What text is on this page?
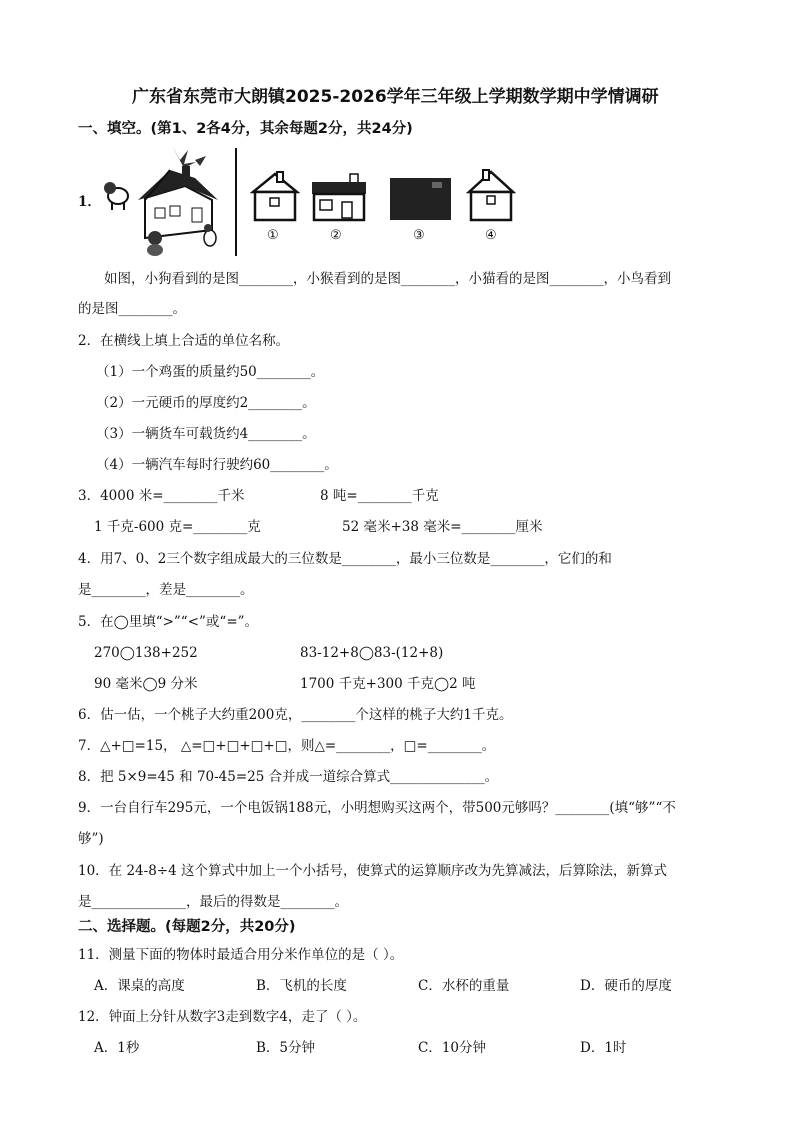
广东省东莞市大朗镇2025-2026学年三年级上学期数学期中学情调研
一、填空。(第1、2各4分，其余每题2分，共24分)
1．
①	②	③	④
如图，小狗看到的是图________，小猴看到的是图________，小猫看的是图________，小鸟看到
的是图________。
2．在横线上填上合适的单位名称。
（1）一个鸡蛋的质量约50________。
（2）一元硬币的厚度约2________。
（3）一辆货车可载货约4________。
（4）一辆汽车每时行驶约60________。
3．4000 米=________千米	8 吨=________千克
1 千克-600 克=________克	52 毫米+38 毫米=________厘米
4．用7、0、2三个数字组成最大的三位数是________，最小三位数是________，它们的和
是________，差是________。
5．在◯里填“>”“<”或“=”。
270◯138+252	83-12+8◯83-(12+8)
90 毫米◯9 分米	1700 千克+300 千克◯2 吨
6．估一估，一个桃子大约重200克，________个这样的桃子大约1千克。
7．△+□=15， △=□+□+□+□，则△=________，□=________。
8．把 5×9=45 和 70-45=25 合并成一道综合算式______________。
9．一台自行车295元，一个电饭锅188元，小明想购买这两个，带500元够吗？________(填“够”“不
够”)
10．在 24-8÷4 这个算式中加上一个小括号，使算式的运算顺序改为先算减法，后算除法，新算式
是______________，最后的得数是________。
二、选择题。(每题2分，共20分)
11．测量下面的物体时最适合用分米作单位的是（ ）。
A．课桌的高度	B．飞机的长度	C．水杯的重量	D．硬币的厚度
12．钟面上分针从数字3走到数字4，走了（ ）。
A．1秒	B．5分钟	C．10分钟	D．1时
